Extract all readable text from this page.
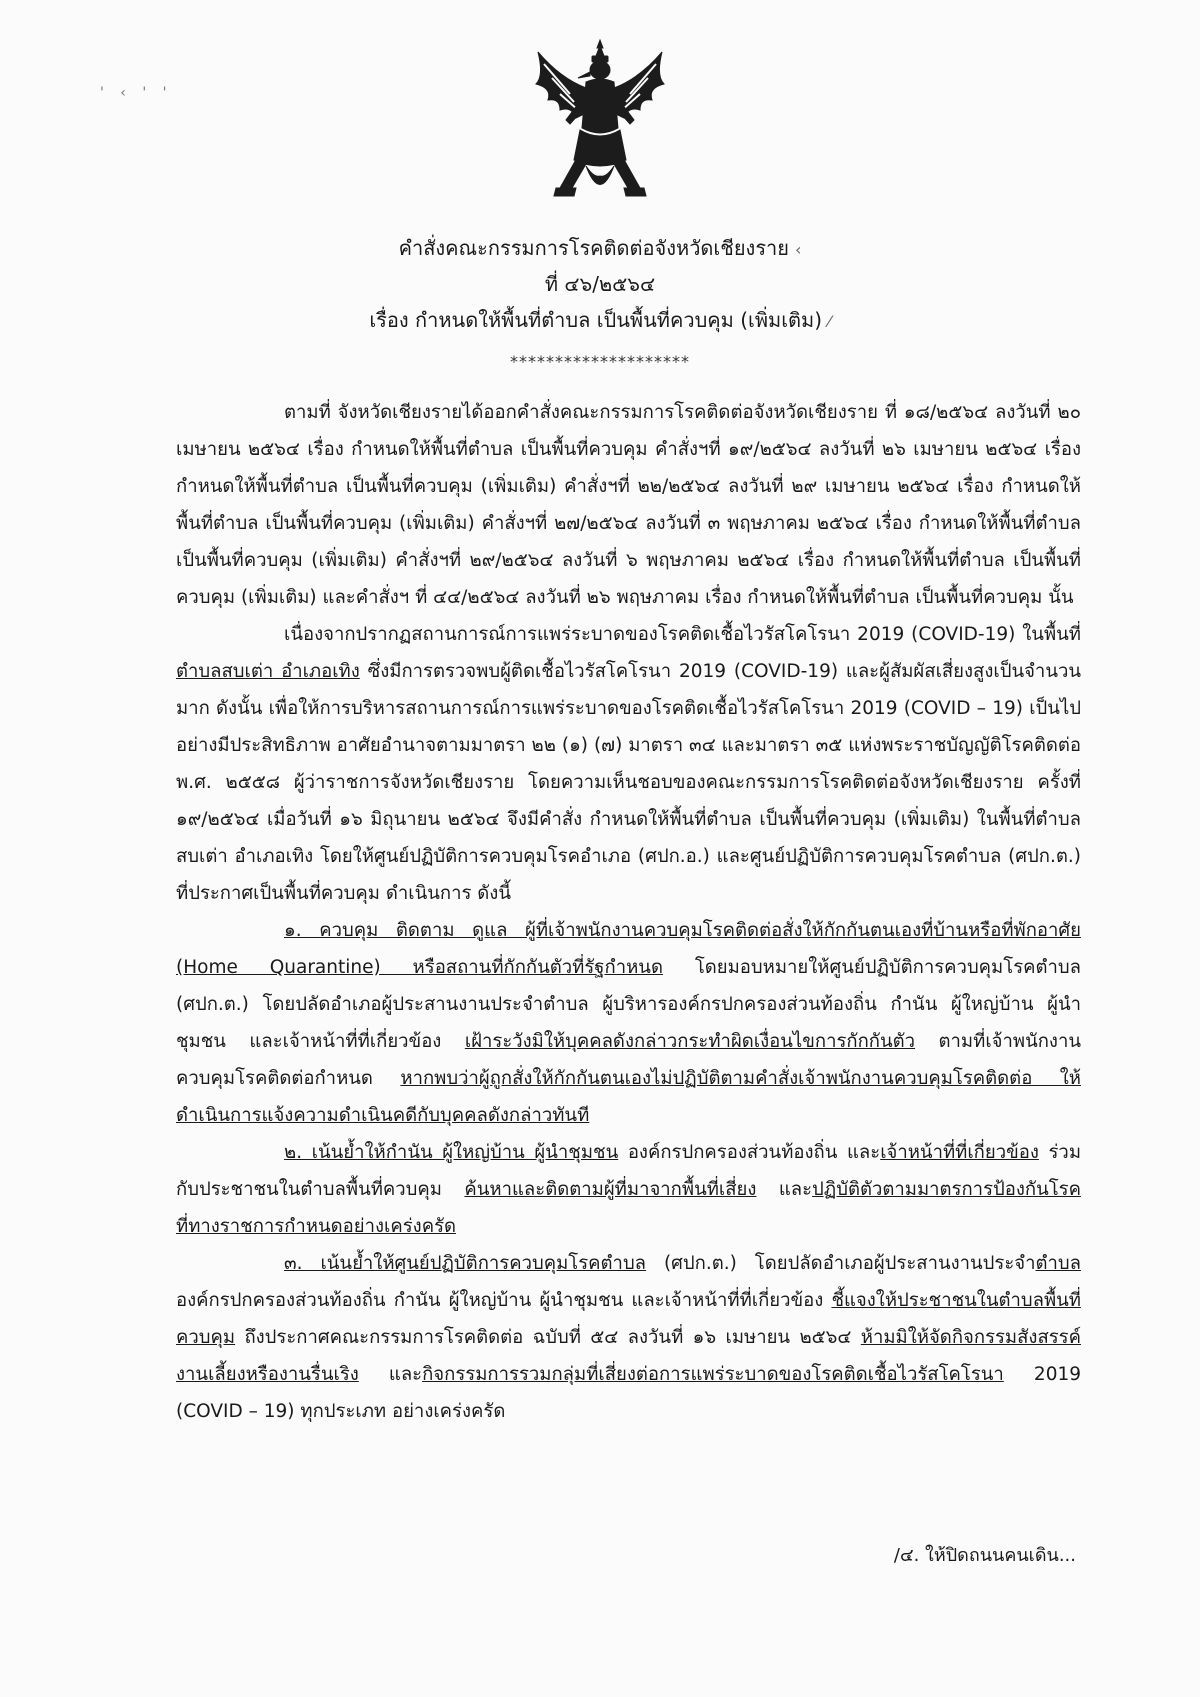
' ‹ ' '
คำสั่งคณะกรรมการโรคติดต่อจังหวัดเชียงราย ‹
ที่ ๔๖/๒๕๖๔
เรื่อง กำหนดให้พื้นที่ตำบล เป็นพื้นที่ควบคุม (เพิ่มเติม) ⁄
********************

ตามที่ จังหวัดเชียงรายได้ออกคำสั่งคณะกรรมการโรคติดต่อจังหวัดเชียงราย ที่ ๑๘/๒๕๖๔ ลงวันที่ ๒๐ เมษายน ๒๕๖๔ เรื่อง กำหนดให้พื้นที่ตำบล เป็นพื้นที่ควบคุม คำสั่งฯที่ ๑๙/๒๕๖๔ ลงวันที่ ๒๖ เมษายน ๒๕๖๔ เรื่อง กำหนดให้พื้นที่ตำบล เป็นพื้นที่ควบคุม (เพิ่มเติม) คำสั่งฯที่ ๒๒/๒๕๖๔ ลงวันที่ ๒๙ เมษายน ๒๕๖๔ เรื่อง กำหนดให้พื้นที่ตำบล เป็นพื้นที่ควบคุม (เพิ่มเติม) คำสั่งฯที่ ๒๗/๒๕๖๔ ลงวันที่ ๓ พฤษภาคม ๒๕๖๔ เรื่อง กำหนดให้พื้นที่ตำบล เป็นพื้นที่ควบคุม (เพิ่มเติม) คำสั่งฯที่ ๒๙/๒๕๖๔ ลงวันที่ ๖ พฤษภาคม ๒๕๖๔ เรื่อง กำหนดให้พื้นที่ตำบล เป็นพื้นที่ควบคุม (เพิ่มเติม) และคำสั่งฯ ที่ ๔๔/๒๕๖๔ ลงวันที่ ๒๖ พฤษภาคม เรื่อง กำหนดให้พื้นที่ตำบล เป็นพื้นที่ควบคุม นั้น

เนื่องจากปรากฏสถานการณ์การแพร่ระบาดของโรคติดเชื้อไวรัสโคโรนา 2019 (COVID-19) ในพื้นที่ตำบลสบเต่า อำเภอเทิง ซึ่งมีการตรวจพบผู้ติดเชื้อไวรัสโคโรนา 2019 (COVID-19) และผู้สัมผัสเสี่ยงสูงเป็นจำนวนมาก ดังนั้น เพื่อให้การบริหารสถานการณ์การแพร่ระบาดของโรคติดเชื้อไวรัสโคโรนา 2019 (COVID – 19) เป็นไปอย่างมีประสิทธิภาพ อาศัยอำนาจตามมาตรา ๒๒ (๑) (๗) มาตรา ๓๔ และมาตรา ๓๕ แห่งพระราชบัญญัติโรคติดต่อ พ.ศ. ๒๕๕๘ ผู้ว่าราชการจังหวัดเชียงราย โดยความเห็นชอบของคณะกรรมการโรคติดต่อจังหวัดเชียงราย ครั้งที่ ๑๙/๒๕๖๔ เมื่อวันที่ ๑๖ มิถุนายน ๒๕๖๔ จึงมีคำสั่ง กำหนดให้พื้นที่ตำบล เป็นพื้นที่ควบคุม (เพิ่มเติม) ในพื้นที่ตำบลสบเต่า อำเภอเทิง โดยให้ศูนย์ปฏิบัติการควบคุมโรคอำเภอ (ศปก.อ.) และศูนย์ปฏิบัติการควบคุมโรคตำบล (ศปก.ต.) ที่ประกาศเป็นพื้นที่ควบคุม ดำเนินการ ดังนี้

๑. ควบคุม ติดตาม ดูแล ผู้ที่เจ้าพนักงานควบคุมโรคติดต่อสั่งให้กักกันตนเองที่บ้านหรือที่พักอาศัย (Home Quarantine) หรือสถานที่กักกันตัวที่รัฐกำหนด โดยมอบหมายให้ศูนย์ปฏิบัติการควบคุมโรคตำบล (ศปก.ต.) โดยปลัดอำเภอผู้ประสานงานประจำตำบล ผู้บริหารองค์กรปกครองส่วนท้องถิ่น กำนัน ผู้ใหญ่บ้าน ผู้นำชุมชน และเจ้าหน้าที่ที่เกี่ยวข้อง เฝ้าระวังมิให้บุคคลดังกล่าวกระทำผิดเงื่อนไขการกักกันตัว ตามที่เจ้าพนักงานควบคุมโรคติดต่อกำหนด หากพบว่าผู้ถูกสั่งให้กักกันตนเองไม่ปฏิบัติตามคำสั่งเจ้าพนักงานควบคุมโรคติดต่อ ให้ดำเนินการแจ้งความดำเนินคดีกับบุคคลดังกล่าวทันที

๒. เน้นย้ำให้กำนัน ผู้ใหญ่บ้าน ผู้นำชุมชน องค์กรปกครองส่วนท้องถิ่น และเจ้าหน้าที่ที่เกี่ยวข้อง ร่วมกับประชาชนในตำบลพื้นที่ควบคุม ค้นหาและติดตามผู้ที่มาจากพื้นที่เสี่ยง และปฏิบัติตัวตามมาตรการป้องกันโรคที่ทางราชการกำหนดอย่างเคร่งครัด

๓. เน้นย้ำให้ศูนย์ปฏิบัติการควบคุมโรคตำบล (ศปก.ต.) โดยปลัดอำเภอผู้ประสานงานประจำตำบล องค์กรปกครองส่วนท้องถิ่น กำนัน ผู้ใหญ่บ้าน ผู้นำชุมชน และเจ้าหน้าที่ที่เกี่ยวข้อง ชี้แจงให้ประชาชนในตำบลพื้นที่ควบคุม ถึงประกาศคณะกรรมการโรคติดต่อ ฉบับที่ ๕๔ ลงวันที่ ๑๖ เมษายน ๒๕๖๔ ห้ามมิให้จัดกิจกรรมสังสรรค์ งานเลี้ยงหรืองานรื่นเริง และกิจกรรมการรวมกลุ่มที่เสี่ยงต่อการแพร่ระบาดของโรคติดเชื้อไวรัสโคโรนา 2019 (COVID – 19) ทุกประเภท อย่างเคร่งครัด

/๔. ให้ปิดถนนคนเดิน...
